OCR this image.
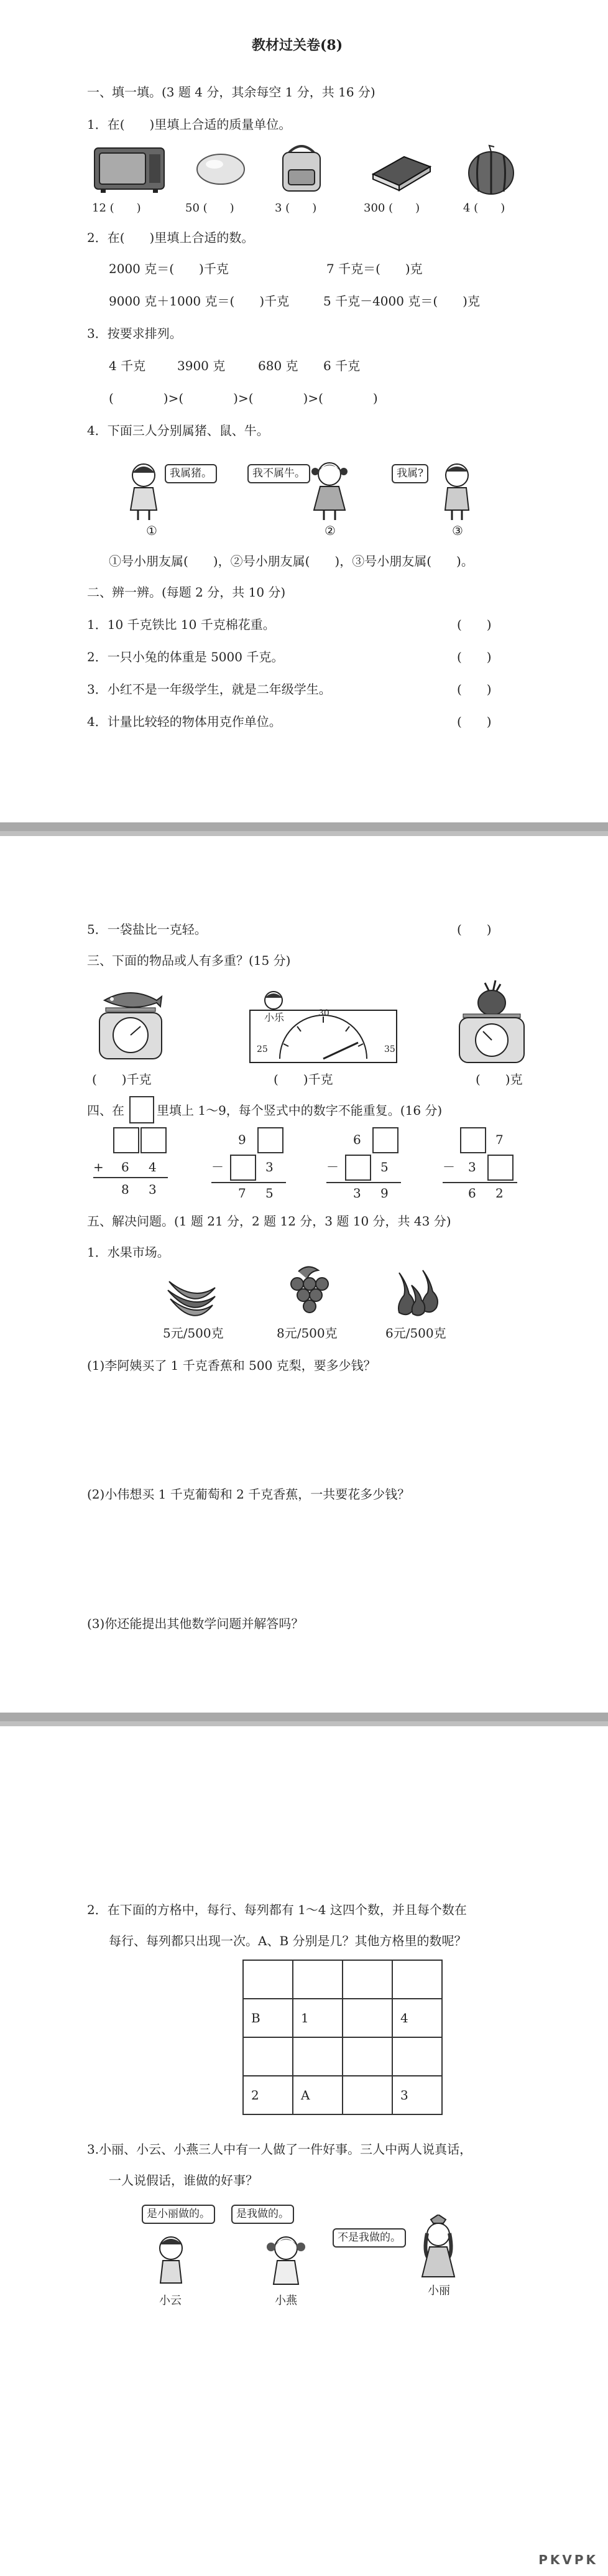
教材过关卷(8)
一、填一填。(3 题 4 分，其余每空 1 分，共 16 分)
1．在(　　)里填上合适的质量单位。
12 (　　)	50 (　　)	3 (　　)	300 (　　)	4 (　　)
2．在(　　)里填上合适的数。
2000 克＝(　　)千克	7 千克＝(　　)克
9000 克＋1000 克＝(　　)千克	5 千克－4000 克＝(　　)克
3．按要求排列。
4 千克	3900 克	680 克 6 千克
(　　　　)>(　　　　)>(　　　　)>(　　　　)
4．下面三人分别属猪、鼠、牛。
我属猪。	我不属牛。	我属?
①	②	③
①号小朋友属(　　)，②号小朋友属(　　)，③号小朋友属(　　)。
二、辨一辨。(每题 2 分，共 10 分)
1．10 千克铁比 10 千克棉花重。	(　　)
2．一只小兔的体重是 5000 千克。	(　　)
3．小红不是一年级学生，就是二年级学生。	(　　)
4．计量比较轻的物体用克作单位。	(　　)
5．一袋盐比一克轻。	(　　)
三、下面的物品或人有多重？(15 分)
小乐
25
30
35
(　　)千克	(　　)千克	(　　)克
四、在	里填上 1～9，每个竖式中的数字不能重复。(16 分)
+ 6 4
8 3
9
－	3
7 5
6
－	5
3 9
7
－ 3
6 2
五、解决问题。(1 题 21 分，2 题 12 分，3 题 10 分，共 43 分)
1．水果市场。
5元/500克	8元/500克	6元/500克
(1)李阿姨买了 1 千克香蕉和 500 克梨，要多少钱？
(2)小伟想买 1 千克葡萄和 2 千克香蕉，一共要花多少钱？
(3)你还能提出其他数学问题并解答吗？
2．在下面的方格中，每行、每列都有 1～4 这四个数，并且每个数在
每行、每列都只出现一次。A、B 分别是几？其他方格里的数呢？

B	1		4

2	A		3
3.小丽、小云、小燕三人中有一人做了一件好事。三人中两人说真话，
一人说假话，谁做的好事？
是小丽做的。	是我做的。
不是我做的。
小云	小燕
小丽
PKVPK
